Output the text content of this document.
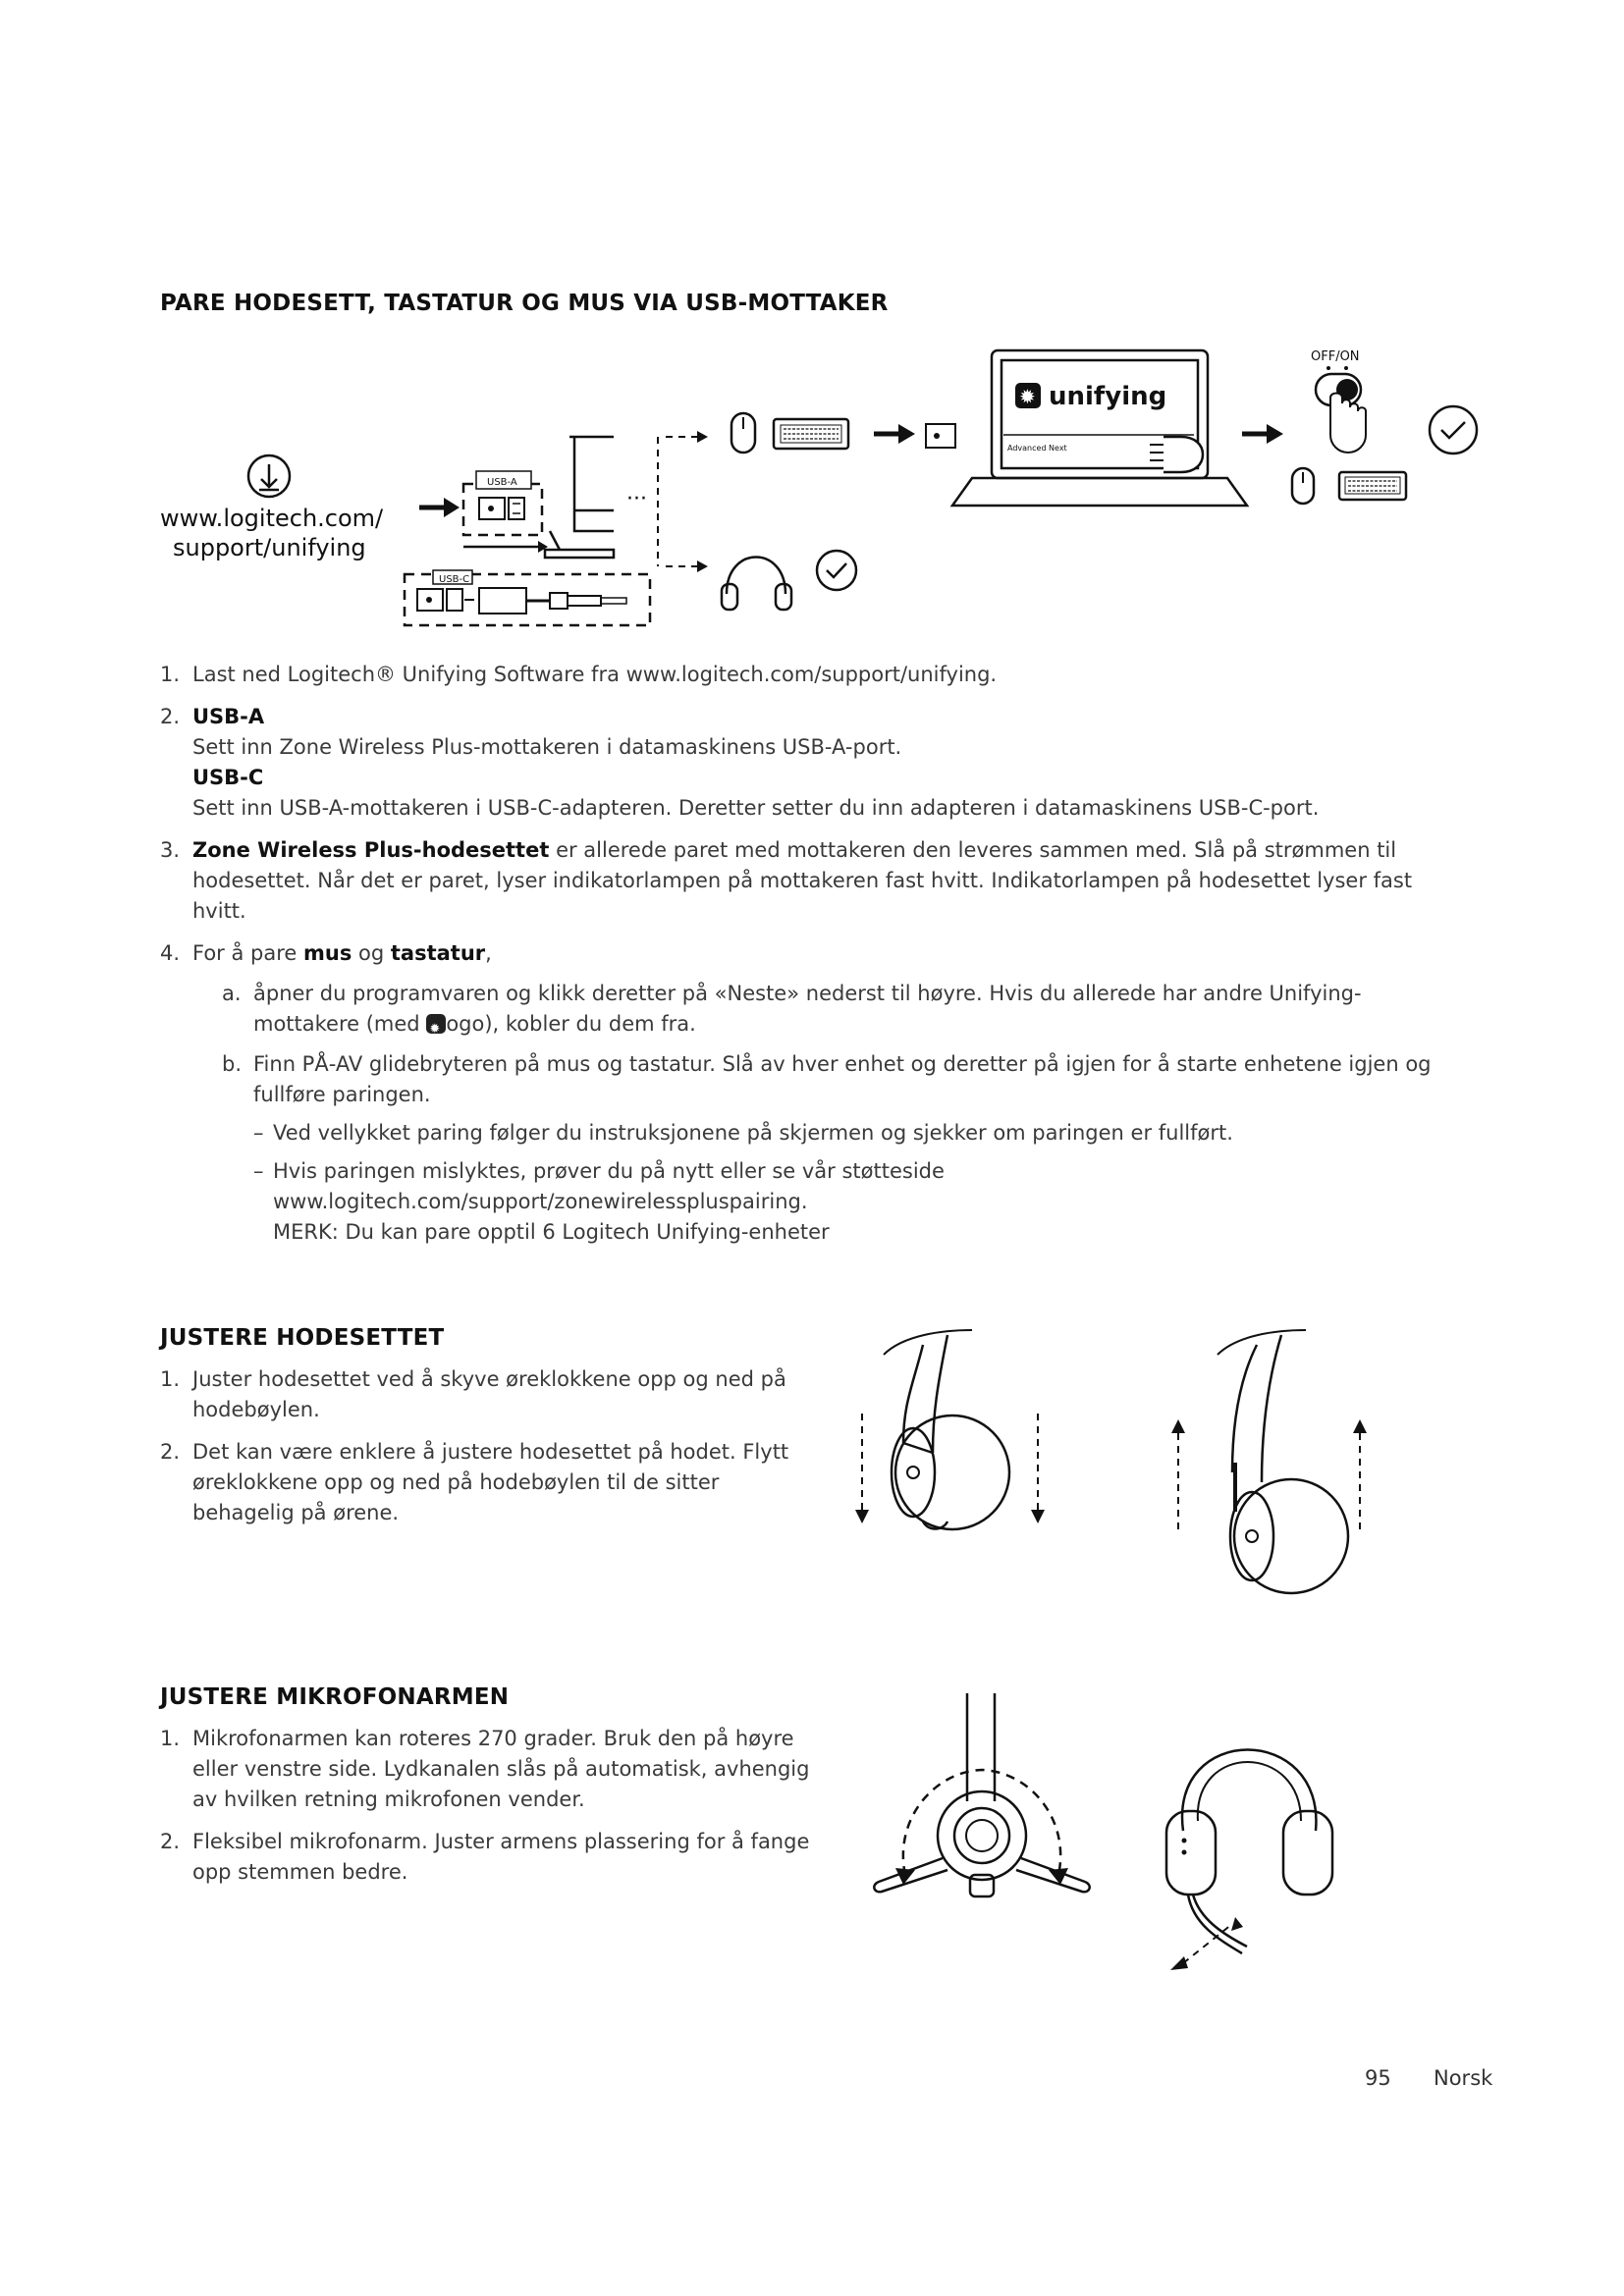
PARE HODESETT, TASTATUR OG MUS VIA USB-MOTTAKER
www.logitech.com/
support/unifying
USB-A
···
USB-C
✹ unifying
Advanced Next
OFF/ON
1. Last ned Logitech® Unifying Software fra www.logitech.com/support/unifying.
2. USB-A
Sett inn Zone Wireless Plus-mottakeren i datamaskinens USB-A-port.
USB-C
Sett inn USB-A-mottakeren i USB-C-adapteren. Deretter setter du inn adapteren i datamaskinens USB-C-port.
3. Zone Wireless Plus-hodesettet er allerede paret med mottakeren den leveres sammen med. Slå på strømmen til hodesettet. Når det er paret, lyser indikatorlampen på mottakeren fast hvitt. Indikatorlampen på hodesettet lyser fast hvitt.
4. For å pare mus og tastatur,
a. åpner du programvaren og klikk deretter på «Neste» nederst til høyre. Hvis du allerede har andre Unifying-mottakere (med ✹ogo), kobler du dem fra.
b. Finn PÅ-AV glidebryteren på mus og tastatur. Slå av hver enhet og deretter på igjen for å starte enhetene igjen og fullføre paringen.
– Ved vellykket paring følger du instruksjonene på skjermen og sjekker om paringen er fullført.
– Hvis paringen mislyktes, prøver du på nytt eller se vår støtteside
www.logitech.com/support/zonewirelesspluspairing.
MERK: Du kan pare opptil 6 Logitech Unifying-enheter
JUSTERE HODESETTET
1. Juster hodesettet ved å skyve øreklokkene opp og ned på hodebøylen.
2. Det kan være enklere å justere hodesettet på hodet. Flytt øreklokkene opp og ned på hodebøylen til de sitter behagelig på ørene.
JUSTERE MIKROFONARMEN
1. Mikrofonarmen kan roteres 270 grader. Bruk den på høyre eller venstre side. Lydkanalen slås på automatisk, avhengig av hvilken retning mikrofonen vender.
2. Fleksibel mikrofonarm. Juster armens plassering for å fange opp stemmen bedre.
95 Norsk
